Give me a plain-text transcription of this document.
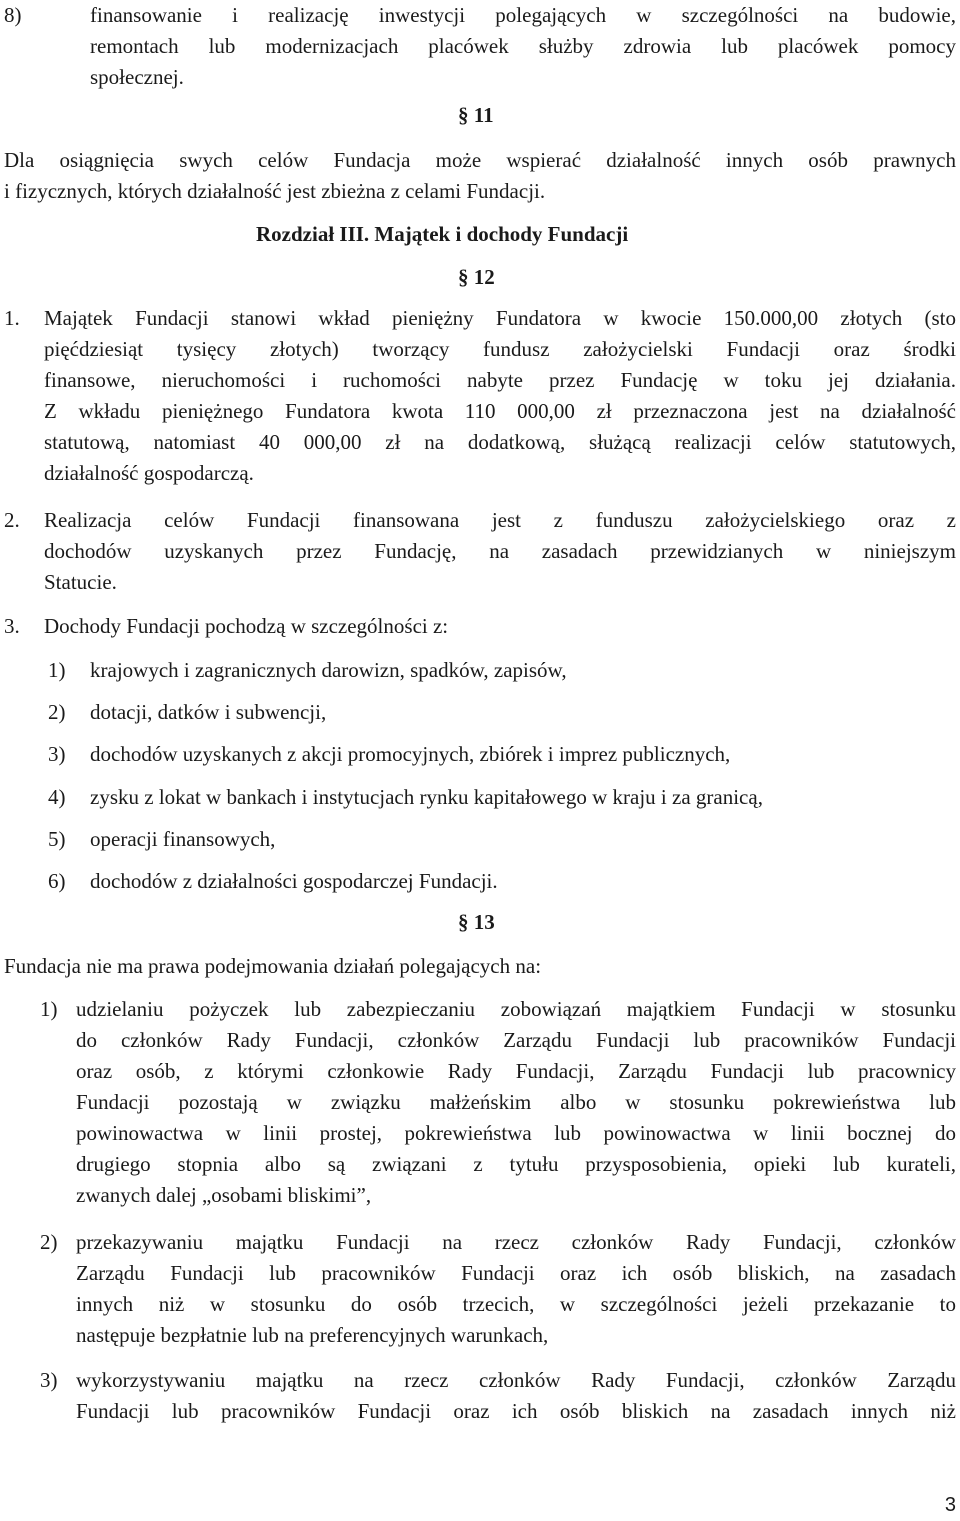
8)	finansowanie i realizację inwestycji polegających w szczególności na budowie,
remontach lub modernizacjach placówek służby zdrowia lub placówek pomocy
społecznej.
§ 11
Dla osiągnięcia swych celów Fundacja może wspierać działalność innych osób prawnych
i fizycznych, których działalność jest zbieżna z celami Fundacji.
Rozdział III. Majątek i dochody Fundacji
§ 12
1. Majątek Fundacji stanowi wkład pieniężny Fundatora w kwocie 150.000,00 złotych (sto
pięćdziesiąt tysięcy złotych) tworzący fundusz założycielski Fundacji oraz środki
finansowe, nieruchomości i ruchomości nabyte przez Fundację w toku jej działania.
Z wkładu pieniężnego Fundatora kwota 110 000,00 zł przeznaczona jest na działalność
statutową, natomiast 40 000,00 zł na dodatkową, służącą realizacji celów statutowych,
działalność gospodarczą.
2. Realizacja celów Fundacji finansowana jest z funduszu założycielskiego oraz z
dochodów uzyskanych przez Fundację, na zasadach przewidzianych w niniejszym
Statucie.
3. Dochody Fundacji pochodzą w szczególności z:
1) krajowych i zagranicznych darowizn, spadków, zapisów,
2) dotacji, datków i subwencji,
3) dochodów uzyskanych z akcji promocyjnych, zbiórek i imprez publicznych,
4) zysku z lokat w bankach i instytucjach rynku kapitałowego w kraju i za granicą,
5) operacji finansowych,
6) dochodów z działalności gospodarczej Fundacji.
§ 13
Fundacja nie ma prawa podejmowania działań polegających na:
1) udzielaniu pożyczek lub zabezpieczaniu zobowiązań majątkiem Fundacji w stosunku
do członków Rady Fundacji, członków Zarządu Fundacji lub pracowników Fundacji
oraz osób, z którymi członkowie Rady Fundacji, Zarządu Fundacji lub pracownicy
Fundacji pozostają w związku małżeńskim albo w stosunku pokrewieństwa lub
powinowactwa w linii prostej, pokrewieństwa lub powinowactwa w linii bocznej do
drugiego stopnia albo są związani z tytułu przysposobienia, opieki lub kurateli,
zwanych dalej „osobami bliskimi”,
2) przekazywaniu majątku Fundacji na rzecz członków Rady Fundacji, członków
Zarządu Fundacji lub pracowników Fundacji oraz ich osób bliskich, na zasadach
innych niż w stosunku do osób trzecich, w szczególności jeżeli przekazanie to
następuje bezpłatnie lub na preferencyjnych warunkach,
3) wykorzystywaniu majątku na rzecz członków Rady Fundacji, członków Zarządu
Fundacji lub pracowników Fundacji oraz ich osób bliskich na zasadach innych niż
3
